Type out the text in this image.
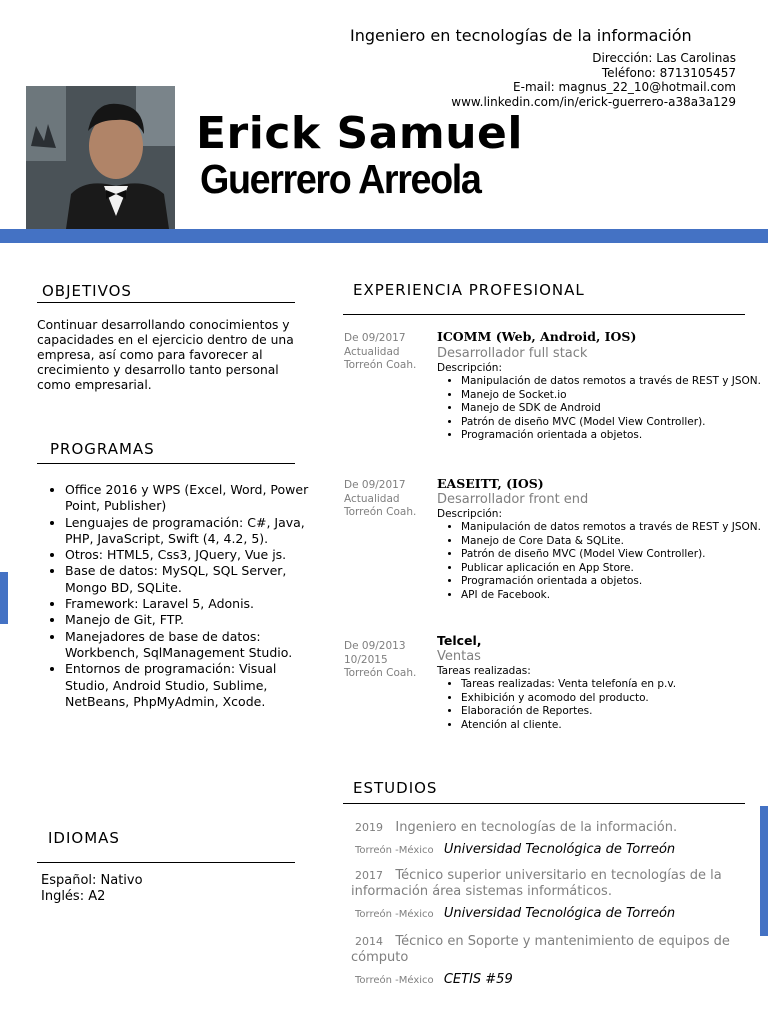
Ingeniero en tecnologías de la información
Dirección: Las Carolinas
Teléfono: 8713105457
E-mail: magnus_22_10@hotmail.com
www.linkedin.com/in/erick-guerrero-a38a3a129
Erick Samuel
Guerrero Arreola
OBJETIVOS
Continuar desarrollando conocimientos y capacidades en el ejercicio dentro de una empresa, así como para favorecer al crecimiento y desarrollo tanto personal como empresarial.
PROGRAMAS
• Office 2016 y WPS (Excel, Word, Power Point, Publisher)
• Lenguajes de programación: C#, Java, PHP, JavaScript, Swift (4, 4.2, 5).
• Otros: HTML5, Css3, JQuery, Vue js.
• Base de datos: MySQL, SQL Server, Mongo BD, SQLite.
• Framework: Laravel 5, Adonis.
• Manejo de Git, FTP.
• Manejadores de base de datos: Workbench, SqlManagement Studio.
• Entornos de programación: Visual Studio, Android Studio, Sublime, NetBeans, PhpMyAdmin, Xcode.
IDIOMAS
Español: Nativo
Inglés: A2
EXPERIENCIA PROFESIONAL
De 09/2017
Actualidad
Torreón Coah.
ICOMM (Web, Android, IOS)
Desarrollador full stack
Descripción:
• Manipulación de datos remotos a través de REST y JSON.
• Manejo de Socket.io
• Manejo de SDK de Android
• Patrón de diseño MVC (Model View Controller).
• Programación orientada a objetos.
De 09/2017
Actualidad
Torreón Coah.
EASEITT, (IOS)
Desarrollador front end
Descripción:
• Manipulación de datos remotos a través de REST y JSON.
• Manejo de Core Data & SQLite.
• Patrón de diseño MVC (Model View Controller).
• Publicar aplicación en App Store.
• Programación orientada a objetos.
• API de Facebook.
De 09/2013
10/2015
Torreón Coah.
Telcel,
Ventas
Tareas realizadas:
• Tareas realizadas: Venta telefonía en p.v.
• Exhibición y acomodo del producto.
• Elaboración de Reportes.
• Atención al cliente.
ESTUDIOS
2019 Ingeniero en tecnologías de la información.
Torreón -México Universidad Tecnológica de Torreón
2017 Técnico superior universitario en tecnologías de la información área sistemas informáticos.
Torreón -México Universidad Tecnológica de Torreón
2014 Técnico en Soporte y mantenimiento de equipos de cómputo
Torreón -México CETIS #59
